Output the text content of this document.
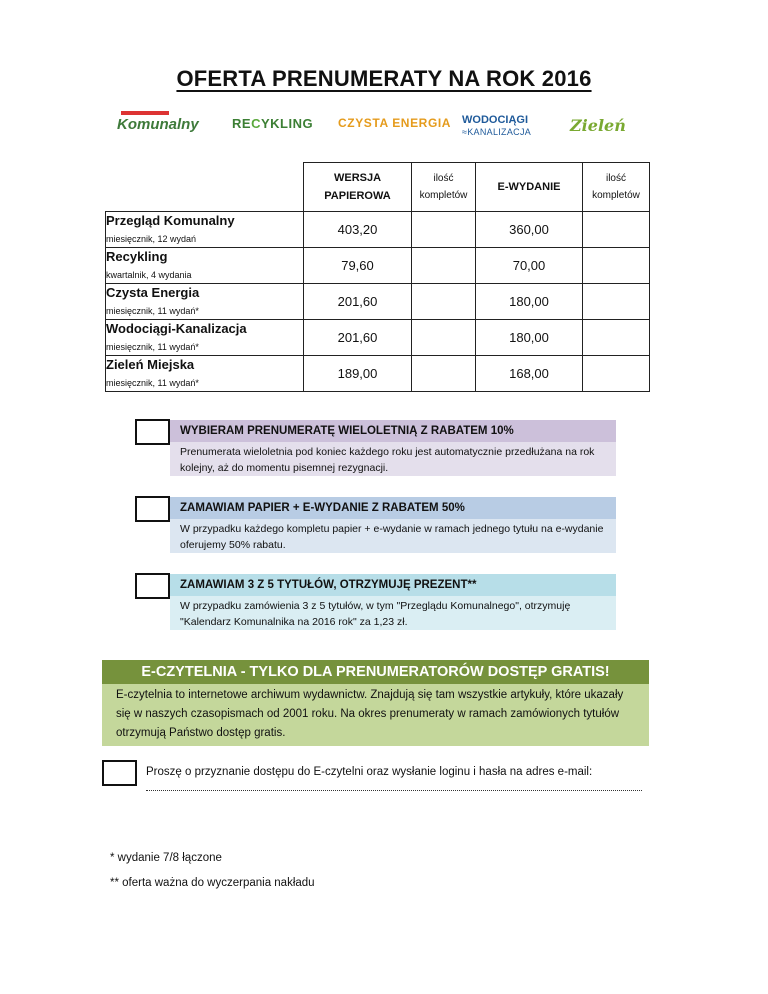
OFERTA PRENUMERATY NA ROK 2016
Komunalny	RECYKLING CZYSTA ENERGIA WODOCIĄGI
≈KANALIZACJA Zieleń
	WERSJA PAPIEROWA	ilość kompletów	E-WYDANIE	ilość kompletów

Przegląd Komunalny
miesięcznik, 12 wydań	403,20		360,00	

Recykling
kwartalnik, 4 wydania	79,60		70,00	

Czysta Energia
miesięcznik, 11 wydań*	201,60		180,00	

Wodociągi-Kanalizacja
miesięcznik, 11 wydań*	201,60		180,00	

Zieleń Miejska
miesięcznik, 11 wydań*	189,00		168,00	
WYBIERAM PRENUMERATĘ WIELOLETNIĄ Z RABATEM 10%
Prenumerata wieloletnia pod koniec każdego roku jest automatycznie przedłużana na rok kolejny, aż do momentu pisemnej rezygnacji.
ZAMAWIAM PAPIER + E-WYDANIE Z RABATEM 50%
W przypadku każdego kompletu papier + e-wydanie w ramach jednego tytułu na e-wydanie oferujemy 50% rabatu.
ZAMAWIAM 3 Z 5 TYTUŁÓW, OTRZYMUJĘ PREZENT**
W przypadku zamówienia 3 z 5 tytułów, w tym "Przeglądu Komunalnego", otrzymuję "Kalendarz Komunalnika na 2016 rok" za 1,23 zł.
E-CZYTELNIA - TYLKO DLA PRENUMERATORÓW DOSTĘP GRATIS!
E-czytelnia to internetowe archiwum wydawnictw. Znajdują się tam wszystkie artykuły, które ukazały się w naszych czasopismach od 2001 roku. Na okres prenumeraty w ramach zamówionych tytułów otrzymują Państwo dostęp gratis.
Proszę o przyznanie dostępu do E-czytelni oraz wysłanie loginu i hasła na adres e-mail:
* wydanie 7/8 łączone
** oferta ważna do wyczerpania nakładu
